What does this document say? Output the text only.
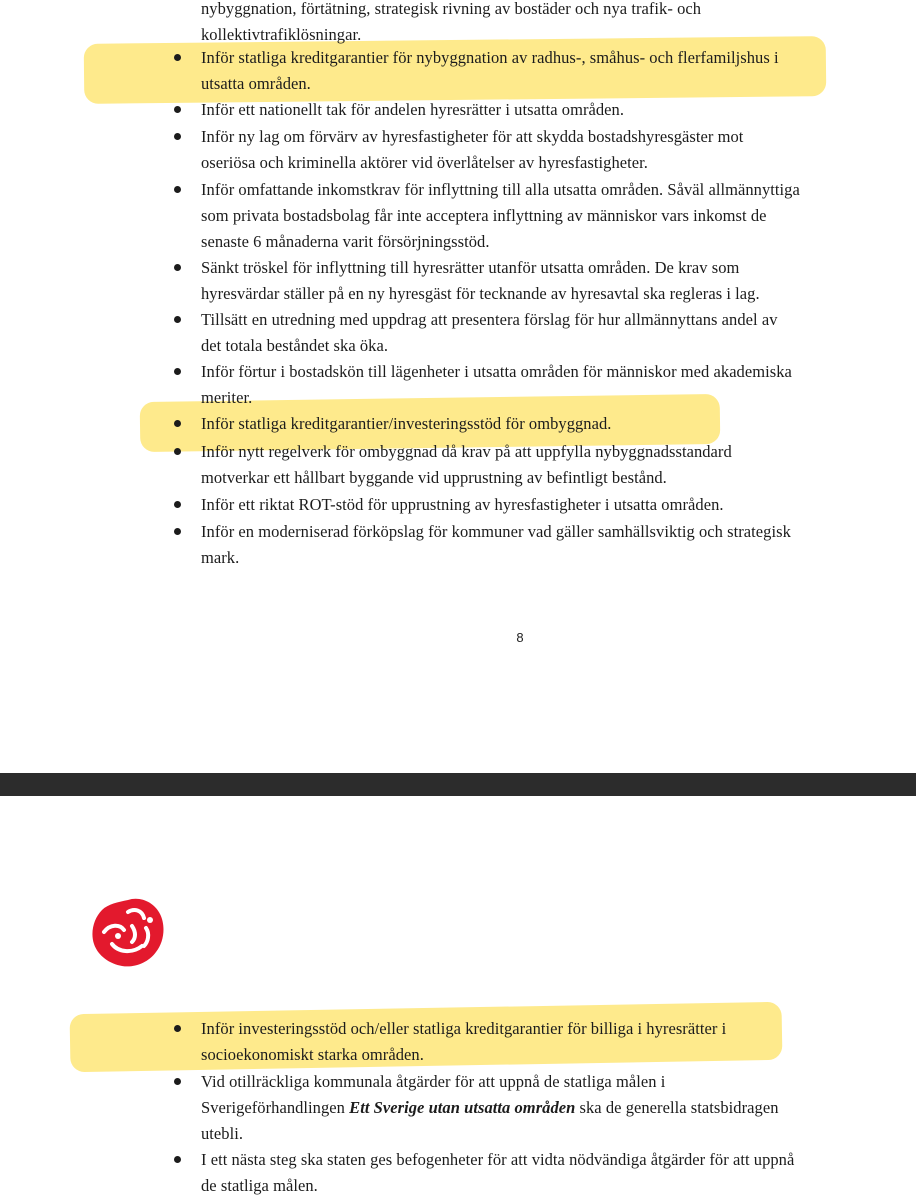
nybyggnation, förtätning, strategisk rivning av bostäder och nya trafik- och
kollektivtrafiklösningar.
Inför statliga kreditgarantier för nybyggnation av radhus-, småhus- och flerfamiljshus i
utsatta områden.
Inför ett nationellt tak för andelen hyresrätter i utsatta områden.
Inför ny lag om förvärv av hyresfastigheter för att skydda bostadshyresgäster mot
oseriösa och kriminella aktörer vid överlåtelser av hyresfastigheter.
Inför omfattande inkomstkrav för inflyttning till alla utsatta områden. Såväl allmännyttiga
som privata bostadsbolag får inte acceptera inflyttning av människor vars inkomst de
senaste 6 månaderna varit försörjningsstöd.
Sänkt tröskel för inflyttning till hyresrätter utanför utsatta områden. De krav som
hyresvärdar ställer på en ny hyresgäst för tecknande av hyresavtal ska regleras i lag.
Tillsätt en utredning med uppdrag att presentera förslag för hur allmännyttans andel av
det totala beståndet ska öka.
Inför förtur i bostadskön till lägenheter i utsatta områden för människor med akademiska
meriter.
Inför statliga kreditgarantier/investeringsstöd för ombyggnad.
Inför nytt regelverk för ombyggnad då krav på att uppfylla nybyggnadsstandard
motverkar ett hållbart byggande vid upprustning av befintligt bestånd.
Inför ett riktat ROT-stöd för upprustning av hyresfastigheter i utsatta områden.
Inför en moderniserad förköpslag för kommuner vad gäller samhällsviktig och strategisk
mark.
8
Inför investeringsstöd och/eller statliga kreditgarantier för billiga i hyresrätter i
socioekonomiskt starka områden.
Vid otillräckliga kommunala åtgärder för att uppnå de statliga målen i
Sverigeförhandlingen Ett Sverige utan utsatta områden ska de generella statsbidragen
utebli.
I ett nästa steg ska staten ges befogenheter för att vidta nödvändiga åtgärder för att uppnå
de statliga målen.
